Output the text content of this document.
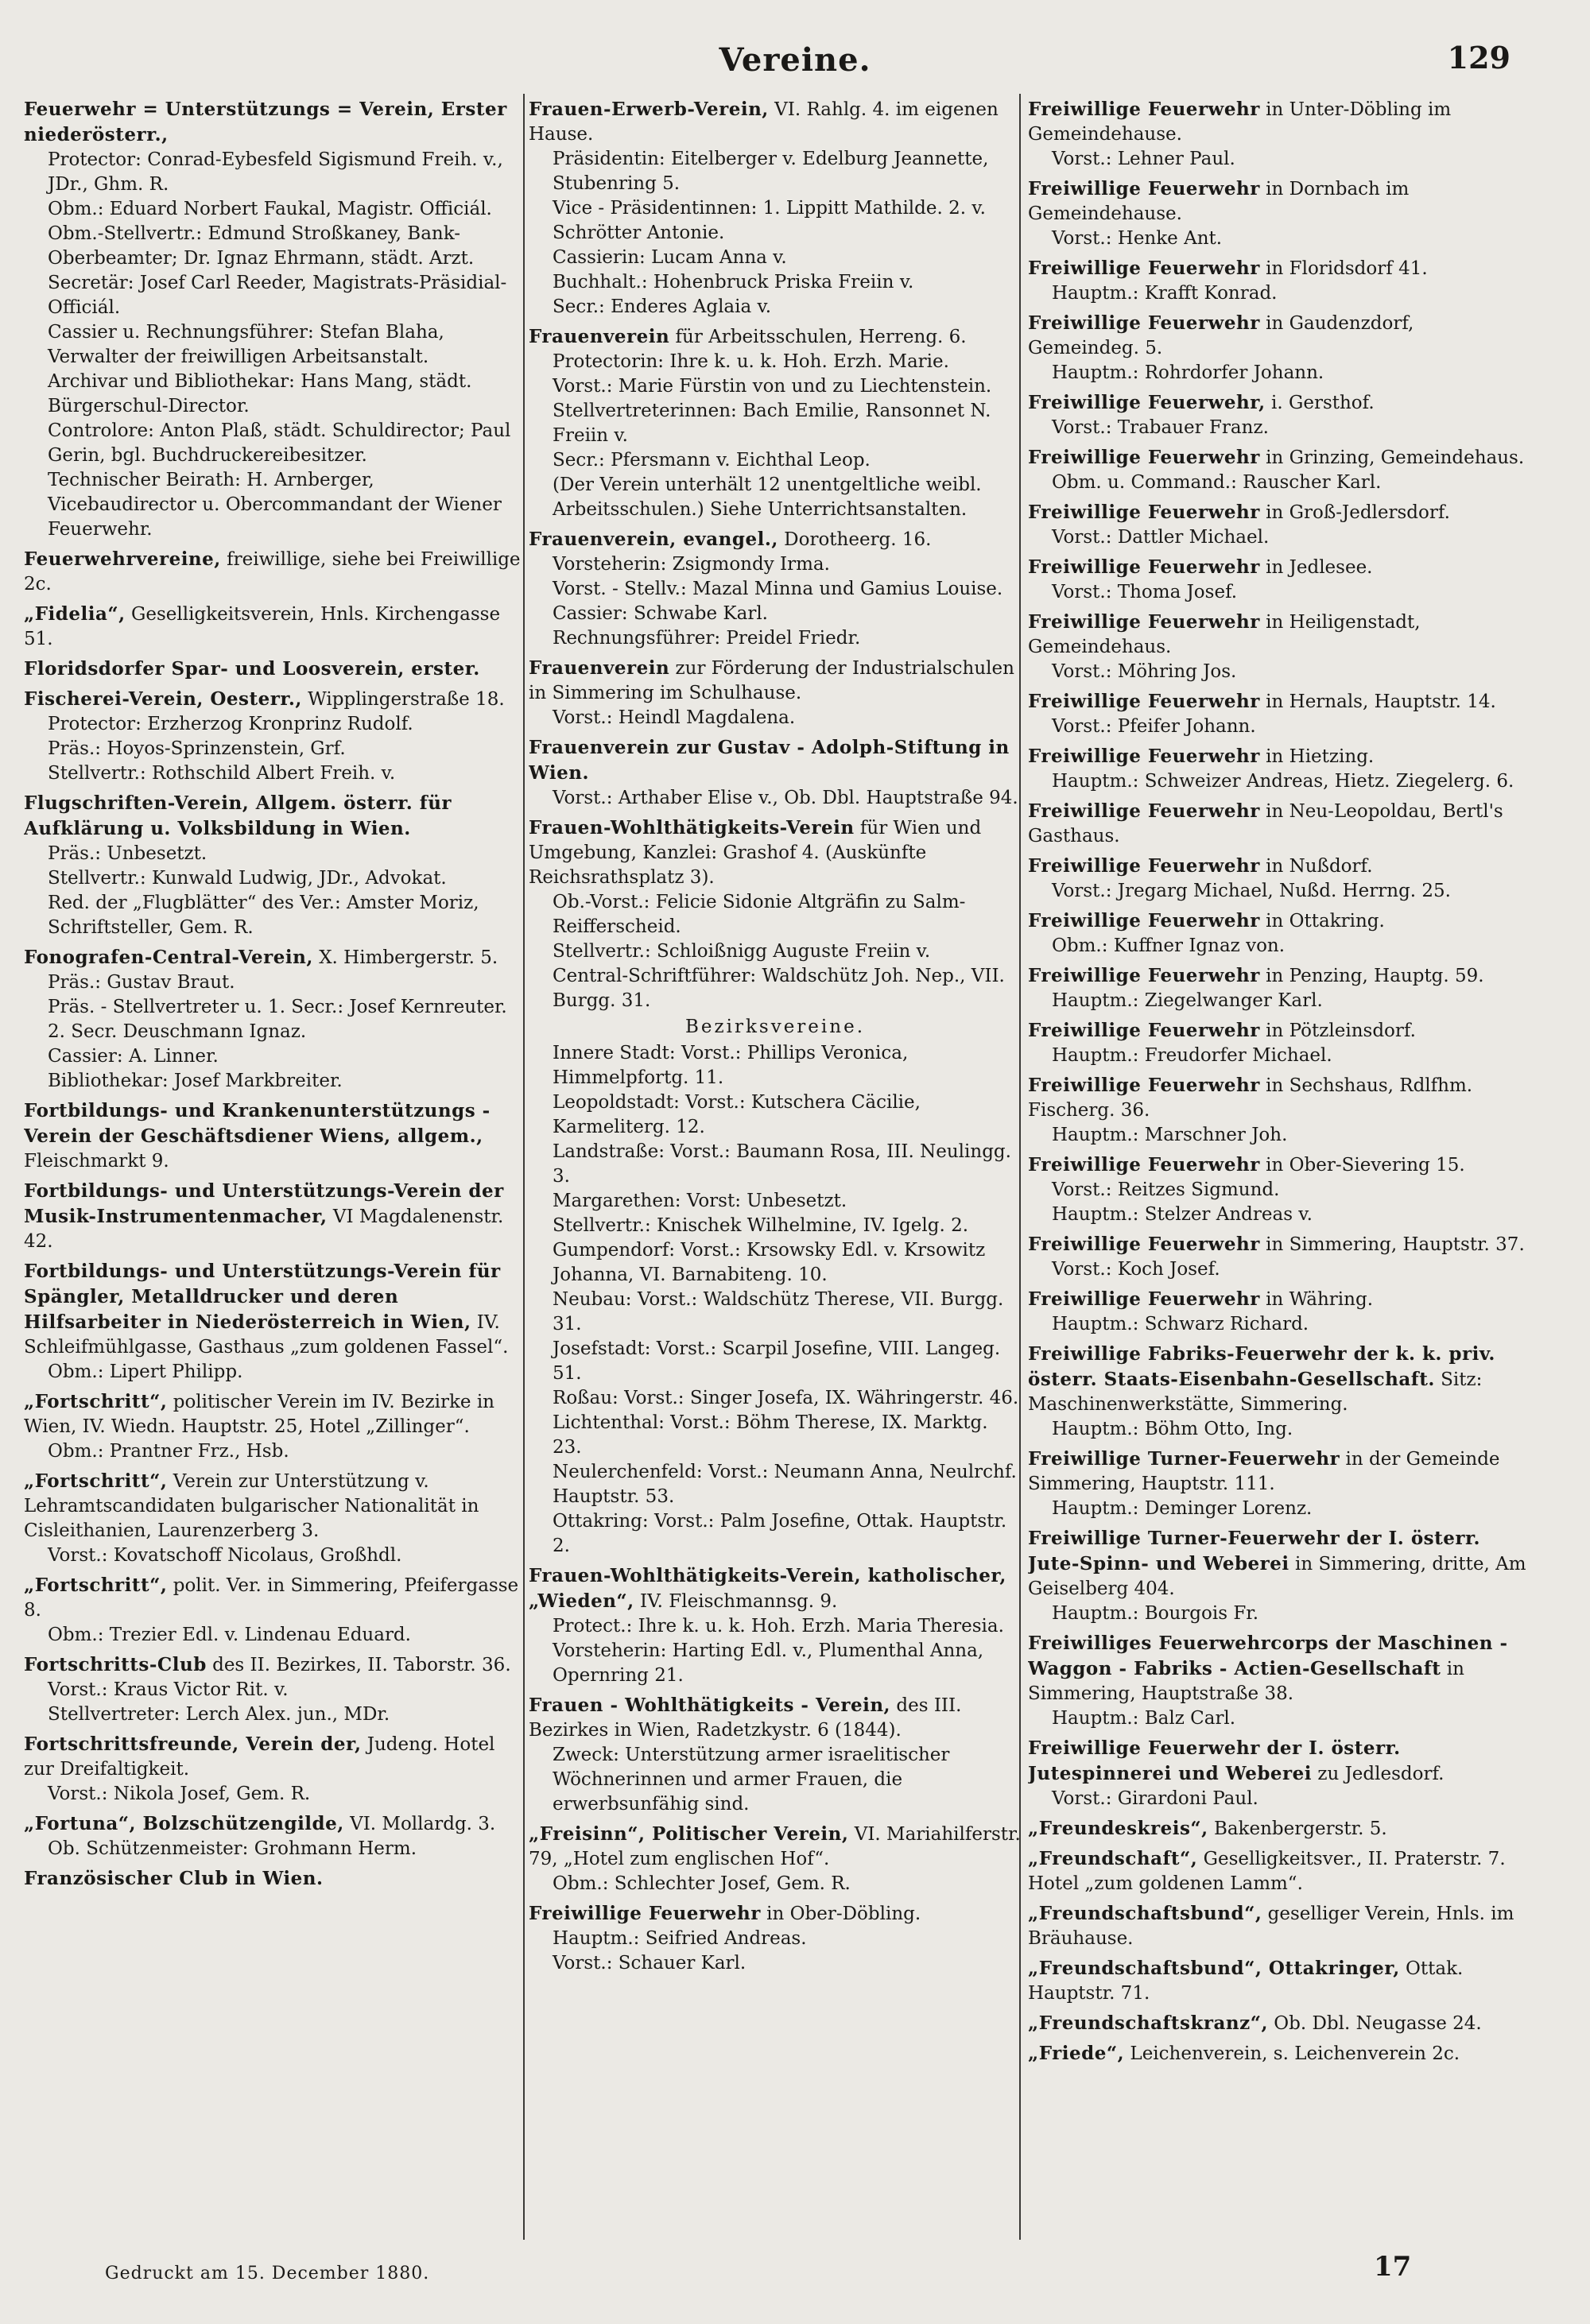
Vereine.	129
Feuerwehr = Unterstützungs = Verein, Erster niederösterr.,
Protector: Conrad-Eybesfeld Sigismund Freih. v., JDr., Ghm. R.
Obm.: Eduard Norbert Faukal, Magistr. Officiál.
Obm.-Stellvertr.: Edmund Stroßkaney, Bank-Oberbeamter; Dr. Ignaz Ehrmann, städt. Arzt.
Secretär: Josef Carl Reeder, Magistrats-Präsidial-Officiál.
Cassier u. Rechnungsführer: Stefan Blaha, Verwalter der freiwilligen Arbeitsanstalt.
Archivar und Bibliothekar: Hans Mang, städt. Bürgerschul-Director.
Controlore: Anton Plaß, städt. Schuldirector; Paul Gerin, bgl. Buchdruckereibesitzer.
Technischer Beirath: H. Arnberger, Vicebaudirector u. Obercommandant der Wiener Feuerwehr.
Feuerwehrvereine, freiwillige, siehe bei Freiwillige 2c.
„Fidelia“, Geselligkeitsverein, Hnls. Kirchengasse 51.
Floridsdorfer Spar- und Loosverein, erster.
Fischerei-Verein, Oesterr., Wipplingerstraße 18.
Protector: Erzherzog Kronprinz Rudolf.
Präs.: Hoyos-Sprinzenstein, Grf.
Stellvertr.: Rothschild Albert Freih. v.
Flugschriften-Verein, Allgem. österr. für Aufklärung u. Volksbildung in Wien.
Präs.: Unbesetzt.
Stellvertr.: Kunwald Ludwig, JDr., Advokat.
Red. der „Flugblätter“ des Ver.: Amster Moriz, Schriftsteller, Gem. R.
Fonografen-Central-Verein, X. Himbergerstr. 5.
Präs.: Gustav Braut.
Präs. - Stellvertreter u. 1. Secr.: Josef Kernreuter.
2. Secr. Deuschmann Ignaz.
Cassier: A. Linner.
Bibliothekar: Josef Markbreiter.
Fortbildungs- und Krankenunterstützungs - Verein der Geschäftsdiener Wiens, allgem., Fleischmarkt 9.
Fortbildungs- und Unterstützungs-Verein der Musik-Instrumentenmacher, VI Magdalenenstr. 42.
Fortbildungs- und Unterstützungs-Verein für Spängler, Metalldrucker und deren Hilfsarbeiter in Niederösterreich in Wien, IV. Schleifmühlgasse, Gasthaus „zum goldenen Fassel“.
Obm.: Lipert Philipp.
„Fortschritt“, politischer Verein im IV. Bezirke in Wien, IV. Wiedn. Hauptstr. 25, Hotel „Zillinger“.
Obm.: Prantner Frz., Hsb.
„Fortschritt“, Verein zur Unterstützung v. Lehramtscandidaten bulgarischer Nationalität in Cisleithanien, Laurenzerberg 3.
Vorst.: Kovatschoff Nicolaus, Großhdl.
„Fortschritt“, polit. Ver. in Simmering, Pfeifergasse 8.
Obm.: Trezier Edl. v. Lindenau Eduard.
Fortschritts-Club des II. Bezirkes, II. Taborstr. 36.
Vorst.: Kraus Victor Rit. v.
Stellvertreter: Lerch Alex. jun., MDr.
Fortschrittsfreunde, Verein der, Judeng. Hotel zur Dreifaltigkeit.
Vorst.: Nikola Josef, Gem. R.
„Fortuna“, Bolzschützengilde, VI. Mollardg. 3.
Ob. Schützenmeister: Grohmann Herm.
Französischer Club in Wien.
Frauen-Erwerb-Verein, VI. Rahlg. 4. im eigenen Hause.
Präsidentin: Eitelberger v. Edelburg Jeannette, Stubenring 5.
Vice - Präsidentinnen: 1. Lippitt Mathilde. 2. v. Schrötter Antonie.
Cassierin: Lucam Anna v.
Buchhalt.: Hohenbruck Priska Freiin v.
Secr.: Enderes Aglaia v.
Frauenverein für Arbeitsschulen, Herreng. 6.
Protectorin: Ihre k. u. k. Hoh. Erzh. Marie.
Vorst.: Marie Fürstin von und zu Liechtenstein.
Stellvertreterinnen: Bach Emilie, Ransonnet N. Freiin v.
Secr.: Pfersmann v. Eichthal Leop.
(Der Verein unterhält 12 unentgeltliche weibl. Arbeitsschulen.) Siehe Unterrichtsanstalten.
Frauenverein, evangel., Dorotheerg. 16.
Vorsteherin: Zsigmondy Irma.
Vorst. - Stellv.: Mazal Minna und Gamius Louise.
Cassier: Schwabe Karl.
Rechnungsführer: Preidel Friedr.
Frauenverein zur Förderung der Industrialschulen in Simmering im Schulhause.
Vorst.: Heindl Magdalena.
Frauenverein zur Gustav - Adolph-Stiftung in Wien.
Vorst.: Arthaber Elise v., Ob. Dbl. Hauptstraße 94.
Frauen-Wohlthätigkeits-Verein für Wien und Umgebung, Kanzlei: Grashof 4. (Auskünfte Reichsrathsplatz 3).
Ob.-Vorst.: Felicie Sidonie Altgräfin zu Salm-Reifferscheid.
Stellvertr.: Schloißnigg Auguste Freiin v.
Central-Schriftführer: Waldschütz Joh. Nep., VII. Burgg. 31.
Bezirksvereine.
Innere Stadt: Vorst.: Phillips Veronica, Himmelpfortg. 11.
Leopoldstadt: Vorst.: Kutschera Cäcilie, Karmeliterg. 12.
Landstraße: Vorst.: Baumann Rosa, III. Neulingg. 3.
Margarethen: Vorst: Unbesetzt.
Stellvertr.: Knischek Wilhelmine, IV. Igelg. 2.
Gumpendorf: Vorst.: Krsowsky Edl. v. Krsowitz Johanna, VI. Barnabiteng. 10.
Neubau: Vorst.: Waldschütz Therese, VII. Burgg. 31.
Josefstadt: Vorst.: Scarpil Josefine, VIII. Langeg. 51.
Roßau: Vorst.: Singer Josefa, IX. Währingerstr. 46.
Lichtenthal: Vorst.: Böhm Therese, IX. Marktg. 23.
Neulerchenfeld: Vorst.: Neumann Anna, Neulrchf. Hauptstr. 53.
Ottakring: Vorst.: Palm Josefine, Ottak. Hauptstr. 2.
Frauen-Wohlthätigkeits-Verein, katholischer, „Wieden“, IV. Fleischmannsg. 9.
Protect.: Ihre k. u. k. Hoh. Erzh. Maria Theresia.
Vorsteherin: Harting Edl. v., Plumenthal Anna, Opernring 21.
Frauen - Wohlthätigkeits - Verein, des III. Bezirkes in Wien, Radetzkystr. 6 (1844).
Zweck: Unterstützung armer israelitischer Wöchnerinnen und armer Frauen, die erwerbsunfähig sind.
„Freisinn“, Politischer Verein, VI. Mariahilferstr. 79, „Hotel zum englischen Hof“.
Obm.: Schlechter Josef, Gem. R.
Freiwillige Feuerwehr in Ober-Döbling.
Hauptm.: Seifried Andreas.
Vorst.: Schauer Karl.
Freiwillige Feuerwehr in Unter-Döbling im Gemeindehause.
Vorst.: Lehner Paul.
Freiwillige Feuerwehr in Dornbach im Gemeindehause.
Vorst.: Henke Ant.
Freiwillige Feuerwehr in Floridsdorf 41.
Hauptm.: Krafft Konrad.
Freiwillige Feuerwehr in Gaudenzdorf, Gemeindeg. 5.
Hauptm.: Rohrdorfer Johann.
Freiwillige Feuerwehr, i. Gersthof.
Vorst.: Trabauer Franz.
Freiwillige Feuerwehr in Grinzing, Gemeindehaus.
Obm. u. Command.: Rauscher Karl.
Freiwillige Feuerwehr in Groß-Jedlersdorf.
Vorst.: Dattler Michael.
Freiwillige Feuerwehr in Jedlesee.
Vorst.: Thoma Josef.
Freiwillige Feuerwehr in Heiligenstadt, Gemeindehaus.
Vorst.: Möhring Jos.
Freiwillige Feuerwehr in Hernals, Hauptstr. 14.
Vorst.: Pfeifer Johann.
Freiwillige Feuerwehr in Hietzing.
Hauptm.: Schweizer Andreas, Hietz. Ziegelerg. 6.
Freiwillige Feuerwehr in Neu-Leopoldau, Bertl's Gasthaus.
Freiwillige Feuerwehr in Nußdorf.
Vorst.: Jregarg Michael, Nußd. Herrng. 25.
Freiwillige Feuerwehr in Ottakring.
Obm.: Kuffner Ignaz von.
Freiwillige Feuerwehr in Penzing, Hauptg. 59.
Hauptm.: Ziegelwanger Karl.
Freiwillige Feuerwehr in Pötzleinsdorf.
Hauptm.: Freudorfer Michael.
Freiwillige Feuerwehr in Sechshaus, Rdlfhm. Fischerg. 36.
Hauptm.: Marschner Joh.
Freiwillige Feuerwehr in Ober-Sievering 15.
Vorst.: Reitzes Sigmund.
Hauptm.: Stelzer Andreas v.
Freiwillige Feuerwehr in Simmering, Hauptstr. 37.
Vorst.: Koch Josef.
Freiwillige Feuerwehr in Währing.
Hauptm.: Schwarz Richard.
Freiwillige Fabriks-Feuerwehr der k. k. priv. österr. Staats-Eisenbahn-Gesellschaft. Sitz: Maschinenwerkstätte, Simmering.
Hauptm.: Böhm Otto, Ing.
Freiwillige Turner-Feuerwehr in der Gemeinde Simmering, Hauptstr. 111.
Hauptm.: Deminger Lorenz.
Freiwillige Turner-Feuerwehr der I. österr. Jute-Spinn- und Weberei in Simmering, dritte, Am Geiselberg 404.
Hauptm.: Bourgois Fr.
Freiwilliges Feuerwehrcorps der Maschinen - Waggon - Fabriks - Actien-Gesellschaft in Simmering, Hauptstraße 38.
Hauptm.: Balz Carl.
Freiwillige Feuerwehr der I. österr. Jutespinnerei und Weberei zu Jedlesdorf.
Vorst.: Girardoni Paul.
„Freundeskreis“, Bakenbergerstr. 5.
„Freundschaft“, Geselligkeitsver., II. Praterstr. 7. Hotel „zum goldenen Lamm“.
„Freundschaftsbund“, geselliger Verein, Hnls. im Bräuhause.
„Freundschaftsbund“, Ottakringer, Ottak. Hauptstr. 71.
„Freundschaftskranz“, Ob. Dbl. Neugasse 24.
„Friede“, Leichenverein, s. Leichenverein 2c.
Gedruckt am 15. December 1880.	17
